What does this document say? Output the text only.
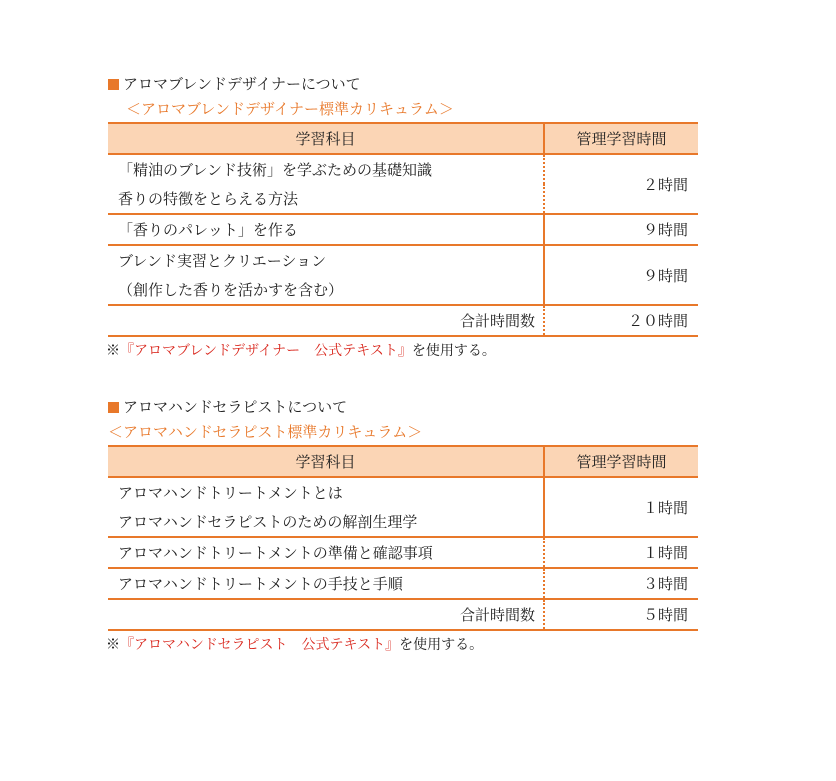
アロマブレンドデザイナーについて
＜アロマブレンドデザイナー標準カリキュラム＞
学習科目	管理学習時間
「精油のブレンド技術」を学ぶための基礎知識	２時間
香りの特徴をとらえる方法	
「香りのパレット」を作る	９時間
ブレンド実習とクリエーション	９時間
（創作した香りを活かすを含む）	
合計時間数	２０時間
※『アロマブレンドデザイナー　公式テキスト』を使用する。
アロマハンドセラピストについて
＜アロマハンドセラピスト標準カリキュラム＞
学習科目	管理学習時間
アロマハンドトリートメントとは	１時間
アロマハンドセラピストのための解剖生理学	
アロマハンドトリートメントの準備と確認事項	１時間
アロマハンドトリートメントの手技と手順	３時間
合計時間数	５時間
※『アロマハンドセラピスト　公式テキスト』を使用する。
